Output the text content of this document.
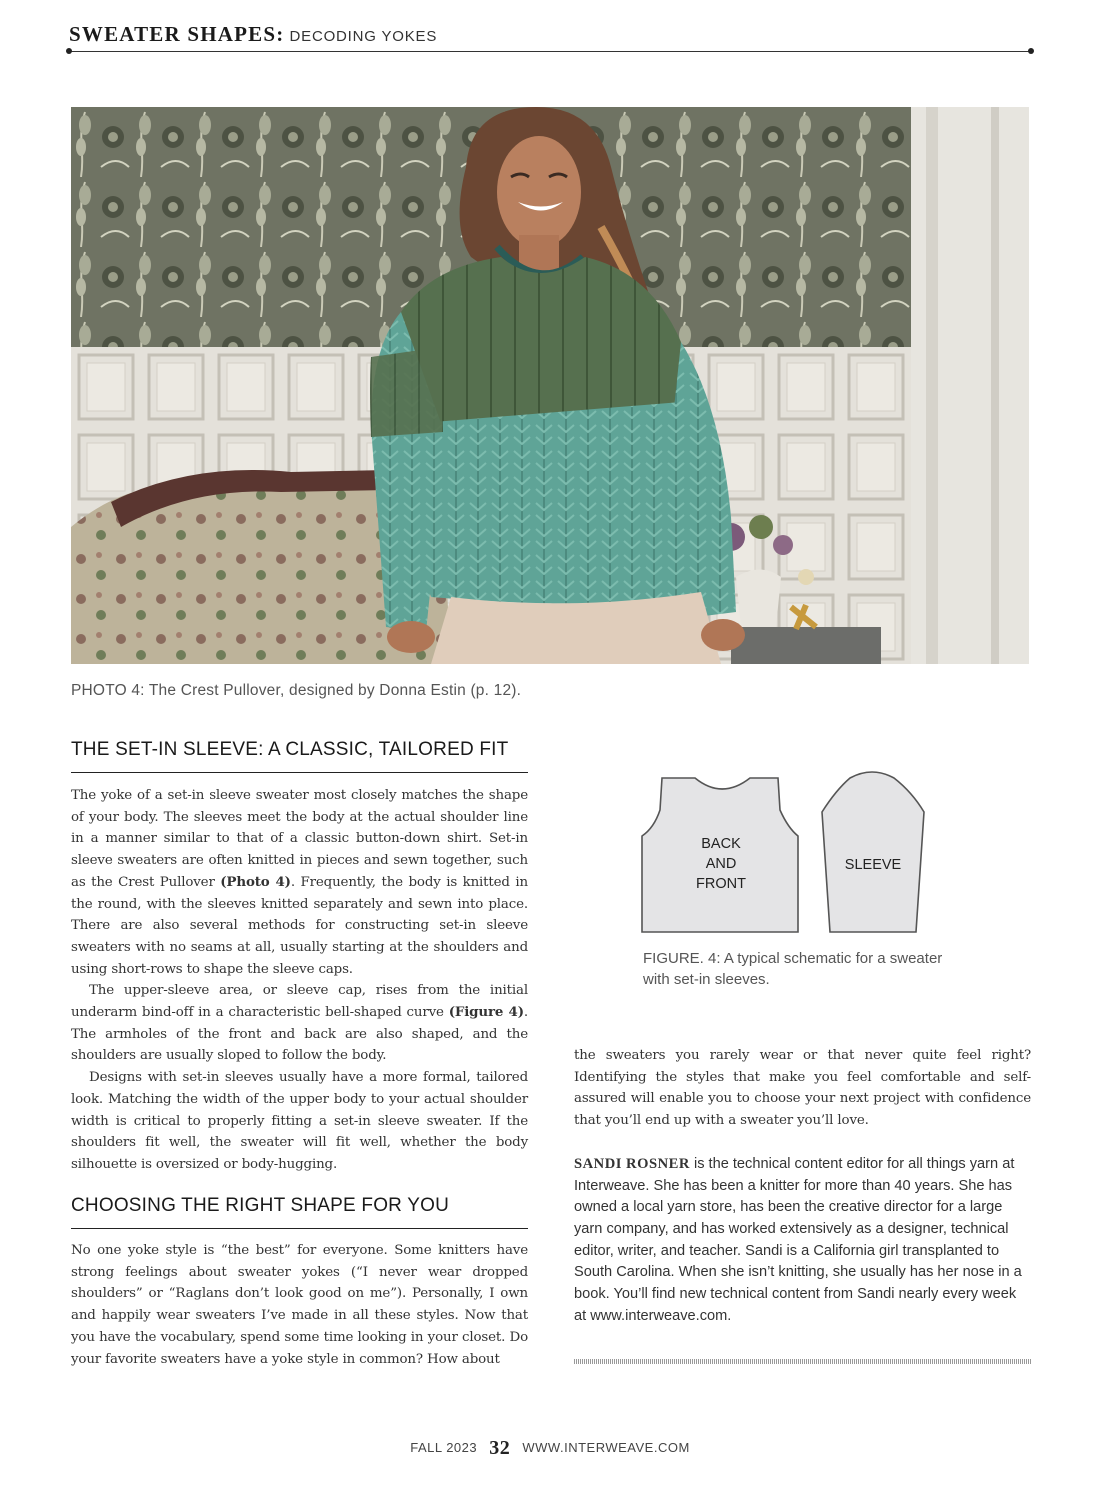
SWEATER SHAPES: DECODING YOKES
PHOTO 4: The Crest Pullover, designed by Donna Estin (p. 12).
THE SET-IN SLEEVE: A CLASSIC, TAILORED FIT

The yoke of a set-in sleeve sweater most closely matches the shape of your body. The sleeves meet the body at the actual shoulder line in a manner similar to that of a classic button-down shirt. Set-in sleeve sweaters are often knitted in pieces and sewn together, such as the Crest Pullover (Photo 4). Frequently, the body is knitted in the round, with the sleeves knitted separately and sewn into place. There are also several methods for constructing set-in sleeve sweaters with no seams at all, usually starting at the shoulders and using short-rows to shape the sleeve caps.

The upper-sleeve area, or sleeve cap, rises from the initial underarm bind-off in a characteristic bell-shaped curve (Figure 4). The armholes of the front and back are also shaped, and the shoulders are usually sloped to follow the body.

Designs with set-in sleeves usually have a more formal, tailored look. Matching the width of the upper body to your actual shoulder width is critical to properly fitting a set-in sleeve sweater. If the shoulders fit well, the sweater will fit well, whether the body silhouette is oversized or body-hugging.

CHOOSING THE RIGHT SHAPE FOR YOU

No one yoke style is “the best” for everyone. Some knitters have strong feelings about sweater yokes (“I never wear dropped shoulders” or “Raglans don’t look good on me”). Personally, I own and happily wear sweaters I’ve made in all these styles. Now that you have the vocabulary, spend some time looking in your closet. Do your favorite sweaters have a yoke style in common? How about

BACK
AND
FRONT
SLEEVE
FIGURE. 4: A typical schematic for a sweater with set-in sleeves.

the sweaters you rarely wear or that never quite feel right? Identifying the styles that make you feel comfortable and self-assured will enable you to choose your next project with confidence that you’ll end up with a sweater you’ll love.

SANDI ROSNER is the technical content editor for all things yarn at Interweave. She has been a knitter for more than 40 years. She has owned a local yarn store, has been the creative director for a large yarn company, and has worked extensively as a designer, technical editor, writer, and teacher. Sandi is a California girl transplanted to South Carolina. When she isn’t knitting, she usually has her nose in a book. You’ll find new technical content from Sandi nearly every week at www.interweave.com.

FALL 2023 32 WWW.INTERWEAVE.COM
